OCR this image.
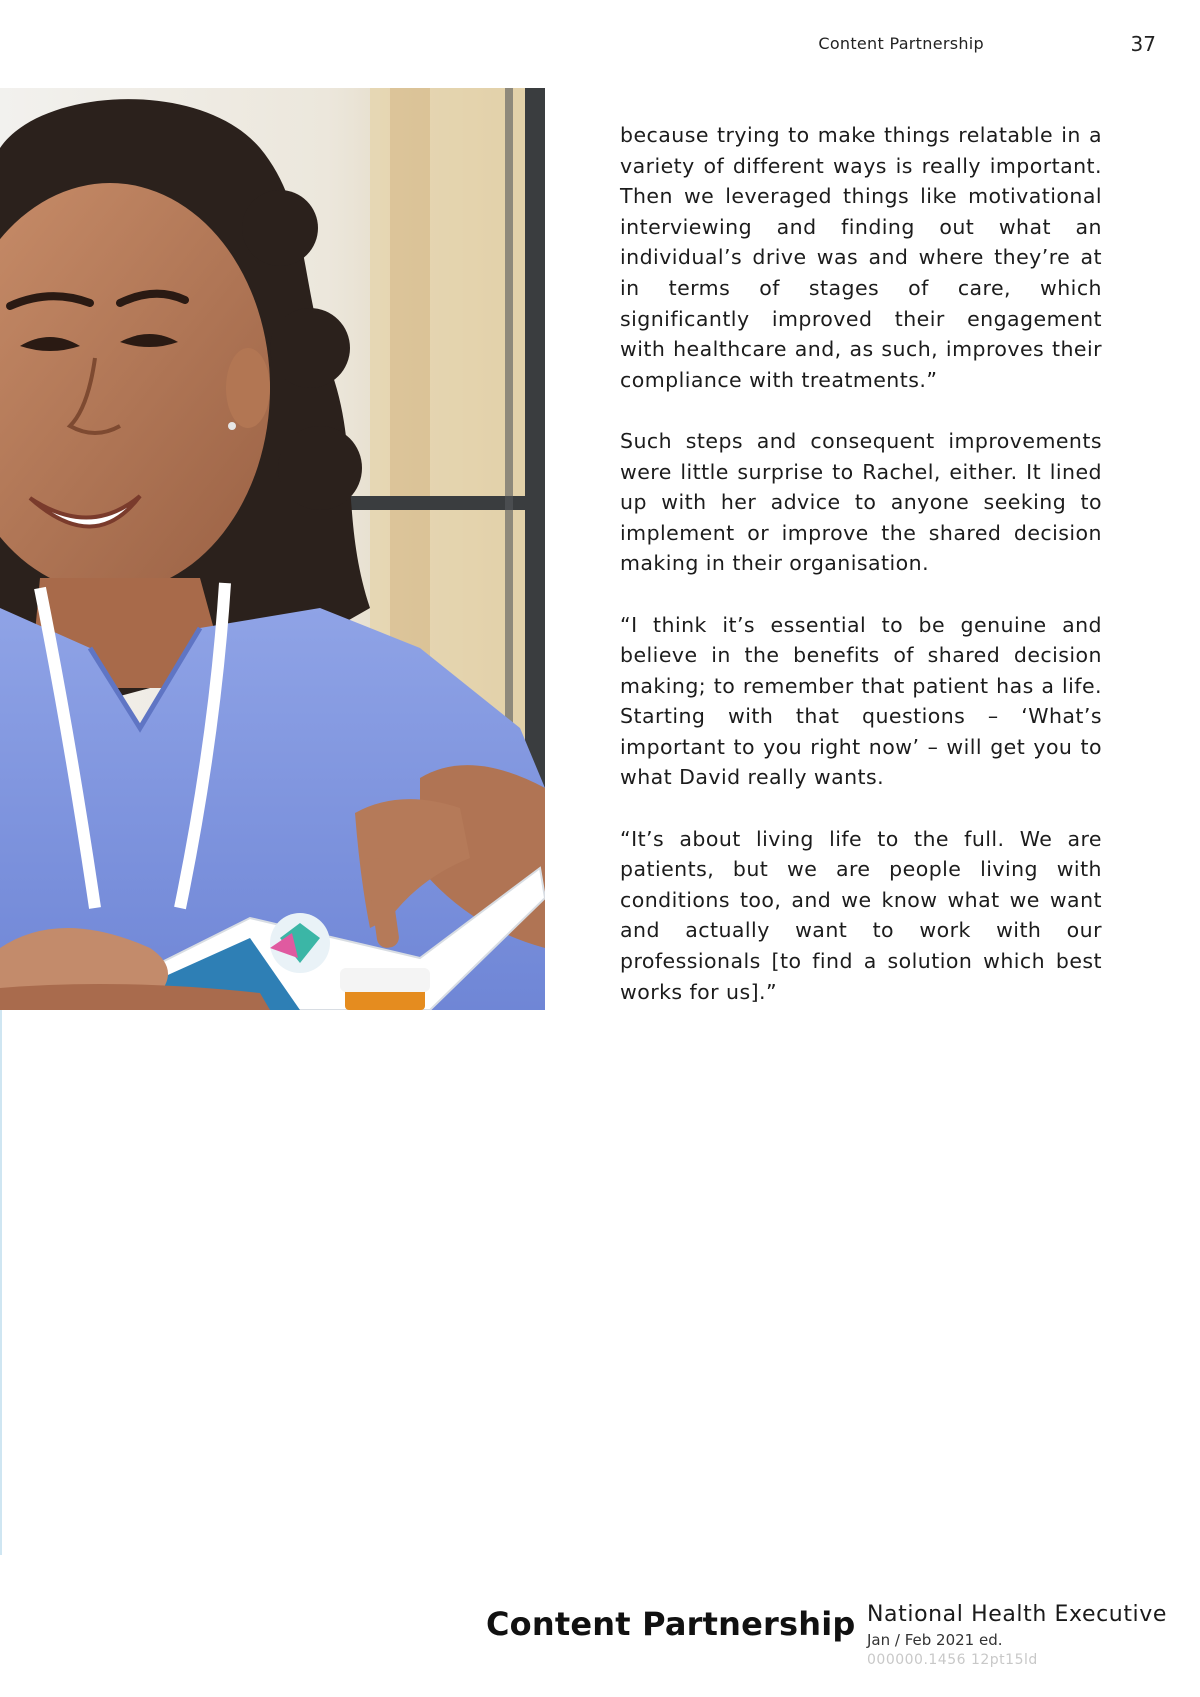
Content Partnership	37

because trying to make things relatable in a variety of different ways is really important. Then we leveraged things like motivational interviewing and finding out what an individual’s drive was and where they’re at in terms of stages of care, which significantly improved their engagement with healthcare and, as such, improves their compliance with treatments.”

Such steps and consequent improvements were little surprise to Rachel, either. It lined up with her advice to anyone seeking to implement or improve the shared decision making in their organisation.

“I think it’s essential to be genuine and believe in the benefits of shared decision making; to remember that patient has a life. Starting with that questions – ‘What’s important to you right now’ – will get you to what David really wants.

“It’s about living life to the full. We are patients, but we are people living with conditions too, and we know what we want and actually want to work with our professionals [to find a solution which best works for us].”

Content Partnership National Health Executive
Jan / Feb 2021 ed.
000000.1456 12pt15ld
